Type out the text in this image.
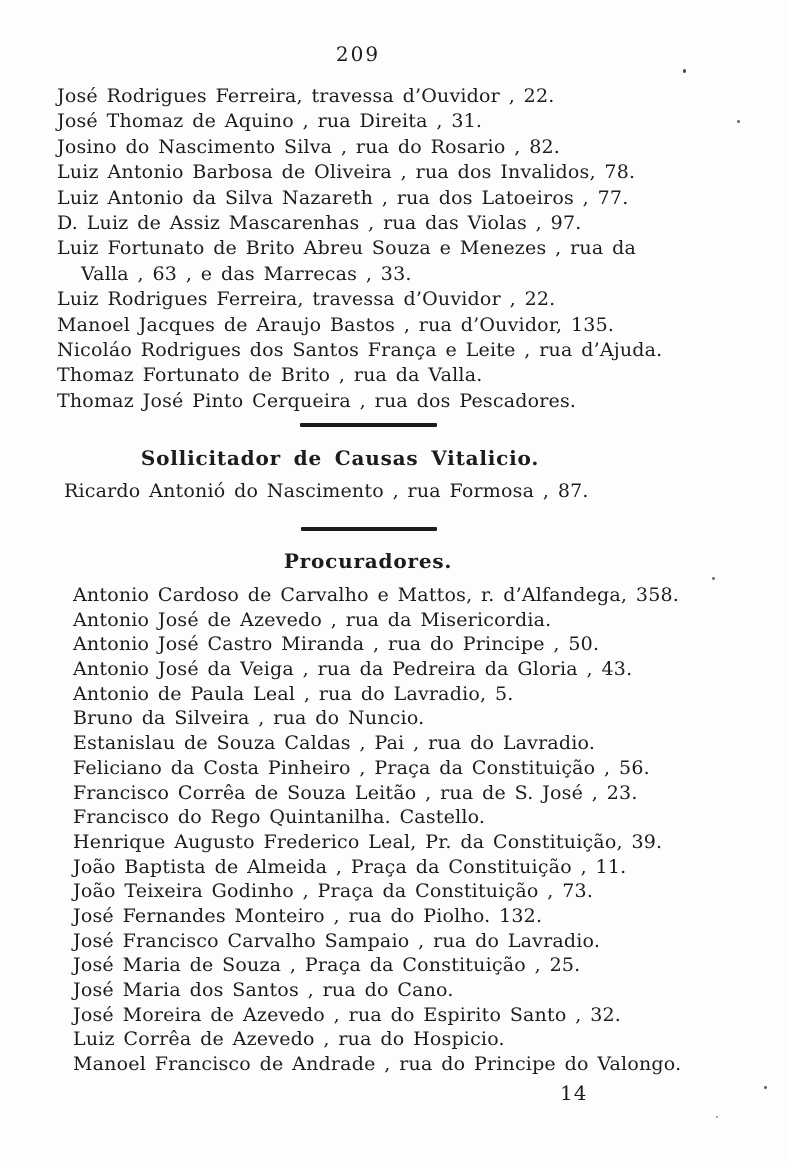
209
José Rodrigues Ferreira, travessa d’Ouvidor , 22.
José Thomaz de Aquino , rua Direita , 31.
Josino do Nascimento Silva , rua do Rosario , 82.
Luiz Antonio Barbosa de Oliveira , rua dos Invalidos, 78.
Luiz Antonio da Silva Nazareth , rua dos Latoeiros , 77.
D. Luiz de Assiz Mascarenhas , rua das Violas , 97.
Luiz Fortunato de Brito Abreu Souza e Menezes , rua da
Valla , 63 , e das Marrecas , 33.
Luiz Rodrigues Ferreira, travessa d’Ouvidor , 22.
Manoel Jacques de Araujo Bastos , rua d’Ouvidor, 135.
Nicoláo Rodrigues dos Santos França e Leite , rua d’Ajuda.
Thomaz Fortunato de Brito , rua da Valla.
Thomaz José Pinto Cerqueira , rua dos Pescadores.
Sollicitador de Causas Vitalicio.
Ricardo Antonió do Nascimento , rua Formosa , 87.
Procuradores.
Antonio Cardoso de Carvalho e Mattos, r. d’Alfandega, 358.
Antonio José de Azevedo , rua da Misericordia.
Antonio José Castro Miranda , rua do Principe , 50.
Antonio José da Veiga , rua da Pedreira da Gloria , 43.
Antonio de Paula Leal , rua do Lavradio, 5.
Bruno da Silveira , rua do Nuncio.
Estanislau de Souza Caldas , Pai , rua do Lavradio.
Feliciano da Costa Pinheiro , Praça da Constituição , 56.
Francisco Corrêa de Souza Leitão , rua de S. José , 23.
Francisco do Rego Quintanilha. Castello.
Henrique Augusto Frederico Leal, Pr. da Constituição, 39.
João Baptista de Almeida , Praça da Constituição , 11.
João Teixeira Godinho , Praça da Constituição , 73.
José Fernandes Monteiro , rua do Piolho. 132.
José Francisco Carvalho Sampaio , rua do Lavradio.
José Maria de Souza , Praça da Constituição , 25.
José Maria dos Santos , rua do Cano.
José Moreira de Azevedo , rua do Espirito Santo , 32.
Luiz Corrêa de Azevedo , rua do Hospicio.
Manoel Francisco de Andrade , rua do Principe do Valongo.
14
